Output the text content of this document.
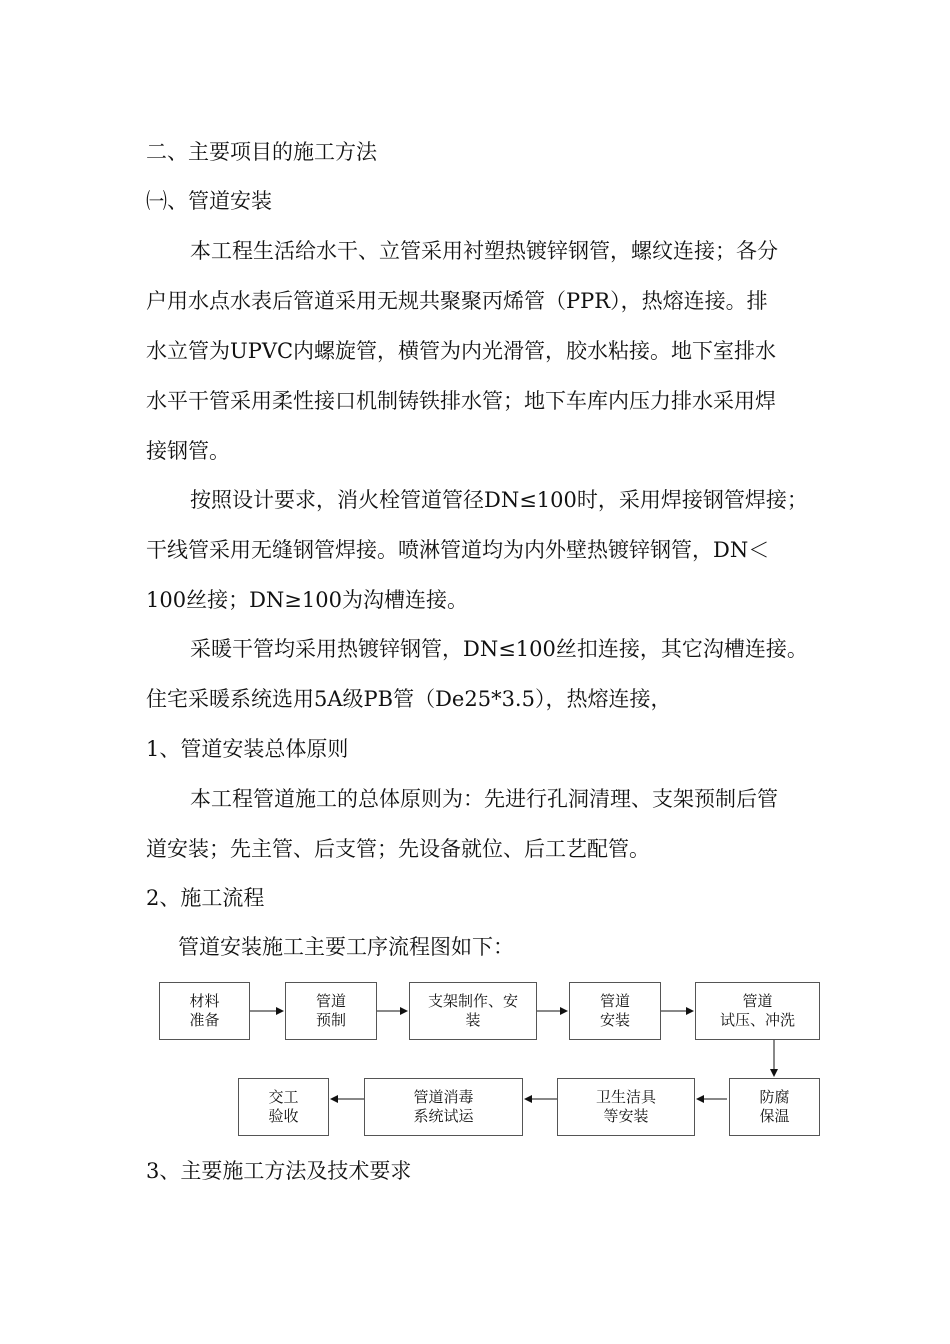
二、主要项目的施工方法
㈠、管道安装
本工程生活给水干、立管采用衬塑热镀锌钢管，螺纹连接；各分
户用水点水表后管道采用无规共聚聚丙烯管（PPR），热熔连接。排
水立管为UPVC内螺旋管，横管为内光滑管，胶水粘接。地下室排水
水平干管采用柔性接口机制铸铁排水管；地下车库内压力排水采用焊
接钢管。
按照设计要求，消火栓管道管径DN≤100时，采用焊接钢管焊接；
干线管采用无缝钢管焊接。喷淋管道均为内外壁热镀锌钢管，DN＜
100丝接；DN≥100为沟槽连接。
采暖干管均采用热镀锌钢管，DN≤100丝扣连接，其它沟槽连接。
住宅采暖系统选用5A级PB管（De25*3.5），热熔连接，
1、管道安装总体原则
本工程管道施工的总体原则为：先进行孔洞清理、支架预制后管
道安装；先主管、后支管；先设备就位、后工艺配管。
2、施工流程
管道安装施工主要工序流程图如下：
材料
准备
管道
预制
支架制作、安
装
管道
安装
管道
试压、冲洗
防腐
保温
卫生洁具
等安装
管道消毒
系统试运
交工
验收
3、主要施工方法及技术要求
